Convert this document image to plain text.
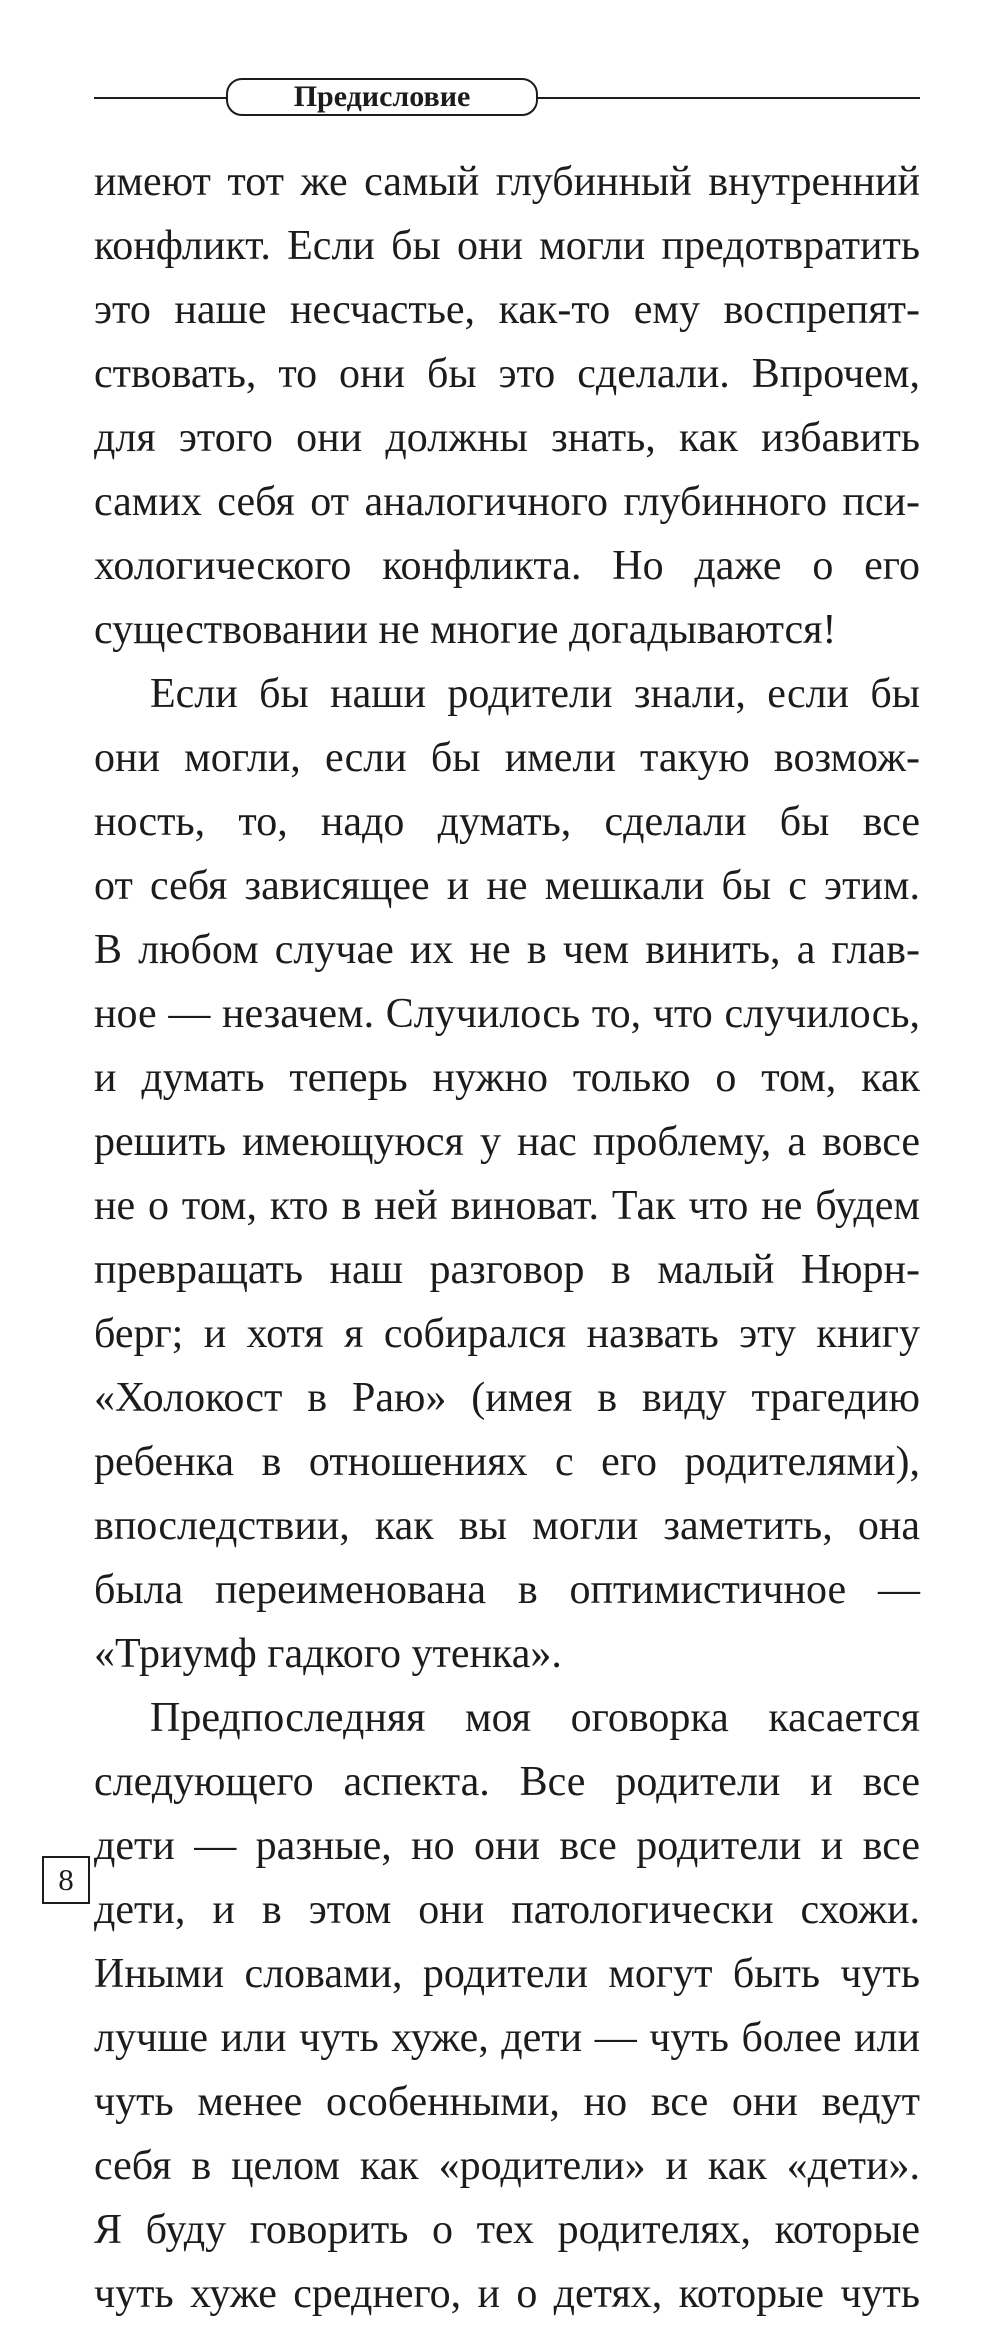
Предисловие
имеют тот же самый глубинный внутренний
конфликт. Если бы они могли предотвратить
это наше несчастье, как-то ему воспрепят-
ствовать, то они бы это сделали. Впрочем,
для этого они должны знать, как избавить
самих себя от аналогичного глубинного пси-
хологического конфликта. Но даже о его
существовании не многие догадываются!
Если бы наши родители знали, если бы
они могли, если бы имели такую возмож-
ность, то, надо думать, сделали бы все
от себя зависящее и не мешкали бы с этим.
В любом случае их не в чем винить, а глав-
ное — незачем. Случилось то, что случилось,
и думать теперь нужно только о том, как
решить имеющуюся у нас проблему, а вовсе
не о том, кто в ней виноват. Так что не будем
превращать наш разговор в малый Нюрн-
берг; и хотя я собирался назвать эту книгу
«Холокост в Раю» (имея в виду трагедию
ребенка в отношениях с его родителями),
впоследствии, как вы могли заметить, она
была переименована в оптимистичное —
«Триумф гадкого утенка».
Предпоследняя моя оговорка касается
следующего аспекта. Все родители и все
дети — разные, но они все родители и все
дети, и в этом они патологически схожи.
Иными словами, родители могут быть чуть
лучше или чуть хуже, дети — чуть более или
чуть менее особенными, но все они ведут
себя в целом как «родители» и как «дети».
Я буду говорить о тех родителях, которые
чуть хуже среднего, и о детях, которые чуть
8
